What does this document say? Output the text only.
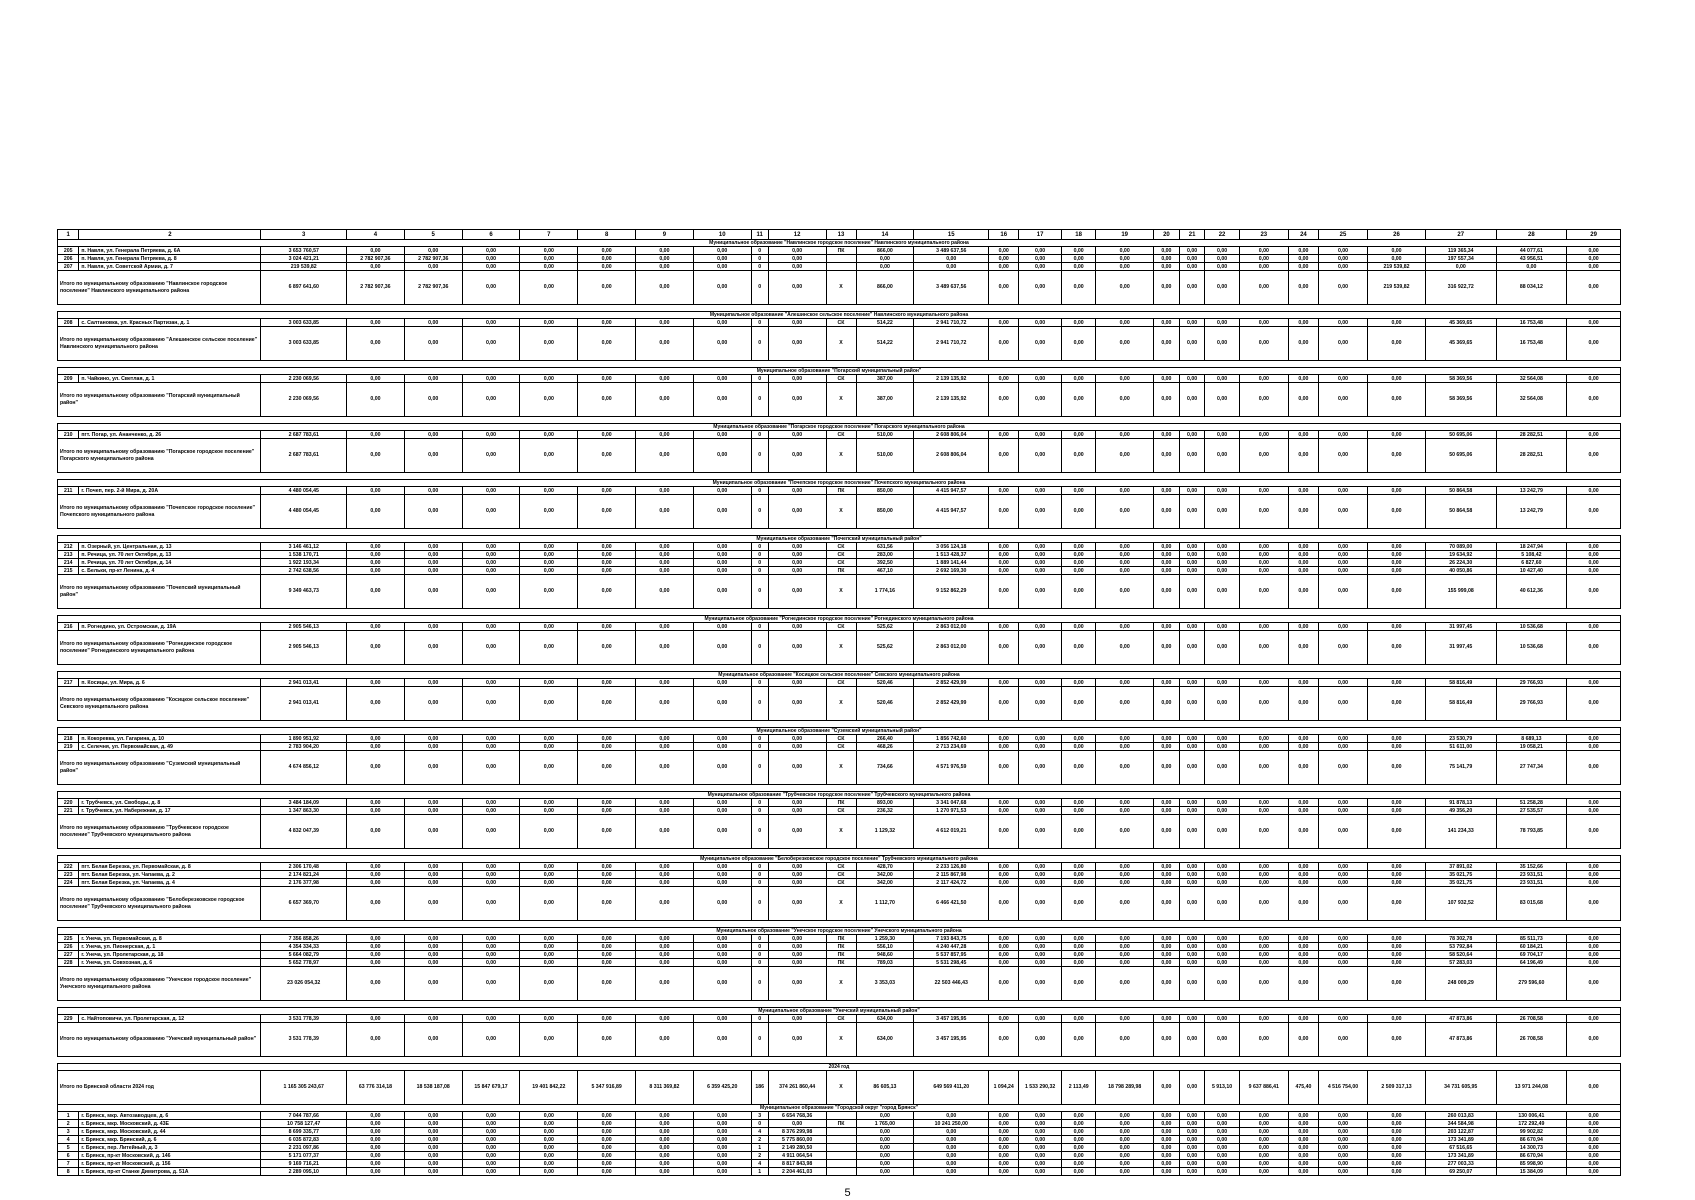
1	2	3	4	5	6	7	8	9	10	11	12	13	14	15	16	17	18	19	20	21	22	23	24	25	26	27	28	29
Муниципальное образование "Навлинское городское поселение" Навлинского муниципального района																												
205	п. Навля, ул. Генерала Петряева, д. 6А	3 653 760,57	0,00	0,00	0,00	0,00	0,00	0,00	0,00	0	0,00	ПК	866,00	3 489 637,56	0,00	0,00	0,00	0,00	0,00	0,00	0,00	0,00	0,00	0,00	0,00	119 365,34	44 077,61	0,00
206	п. Навля, ул. Генерала Петряева, д. 8	3 024 421,21	2 782 907,36	2 782 907,36	0,00	0,00	0,00	0,00	0,00	0	0,00		0,00	0,00	0,00	0,00	0,00	0,00	0,00	0,00	0,00	0,00	0,00	0,00	0,00	197 557,34	43 956,51	0,00
207	п. Навля, ул. Советской Армии, д. 7	219 539,82	0,00	0,00	0,00	0,00	0,00	0,00	0,00	0	0,00		0,00	0,00	0,00	0,00	0,00	0,00	0,00	0,00	0,00	0,00	0,00	0,00	219 539,82	0,00	0,00	0,00
Итого по муниципальному образованию "Навлинское городское поселение" Навлинского муниципального района		6 897 641,60	2 782 907,36	2 782 907,36	0,00	0,00	0,00	0,00	0,00	0	0,00	Х	866,00	3 489 637,56	0,00	0,00	0,00	0,00	0,00	0,00	0,00	0,00	0,00	0,00	219 539,82	316 922,72	88 034,12	0,00

Муниципальное образование "Алешинское сельское поселение" Навлинского муниципального района																												
208	с. Салтановка, ул. Красных Партизан, д. 1	3 003 633,85	0,00	0,00	0,00	0,00	0,00	0,00	0,00	0	0,00	СК	514,22	2 941 710,72	0,00	0,00	0,00	0,00	0,00	0,00	0,00	0,00	0,00	0,00	0,00	45 369,65	16 753,48	0,00
Итого по муниципальному образованию "Алешинское сельское поселение" Навлинского муниципального района		3 003 633,85	0,00	0,00	0,00	0,00	0,00	0,00	0,00	0	0,00	Х	514,22	2 941 710,72	0,00	0,00	0,00	0,00	0,00	0,00	0,00	0,00	0,00	0,00	0,00	45 369,65	16 753,48	0,00

Муниципальное образование "Погарский муниципальный район"																												
209	п. Чайкино, ул. Светлая, д. 1	2 230 069,56	0,00	0,00	0,00	0,00	0,00	0,00	0,00	0	0,00	СК	387,00	2 139 135,92	0,00	0,00	0,00	0,00	0,00	0,00	0,00	0,00	0,00	0,00	0,00	58 369,56	32 564,08	0,00
Итого по муниципальному образованию "Погарский муниципальный район"		2 230 069,56	0,00	0,00	0,00	0,00	0,00	0,00	0,00	0	0,00	Х	387,00	2 139 135,92	0,00	0,00	0,00	0,00	0,00	0,00	0,00	0,00	0,00	0,00	0,00	58 369,56	32 564,08	0,00

Муниципальное образование "Погарское городское поселение" Погарского муниципального района																												
210	пгт. Погар, ул. Ананченко, д. 26	2 687 783,61	0,00	0,00	0,00	0,00	0,00	0,00	0,00	0	0,00	СК	510,00	2 608 806,04	0,00	0,00	0,00	0,00	0,00	0,00	0,00	0,00	0,00	0,00	0,00	50 695,06	28 282,51	0,00
Итого по муниципальному образованию "Погарское городское поселение" Погарского муниципального района		2 687 783,61	0,00	0,00	0,00	0,00	0,00	0,00	0,00	0	0,00	Х	510,00	2 608 806,04	0,00	0,00	0,00	0,00	0,00	0,00	0,00	0,00	0,00	0,00	0,00	50 695,06	28 282,51	0,00

Муниципальное образование "Почепское городское поселение" Почепского муниципального района																												
211	г. Почеп, пер. 2-й Мира, д. 20А	4 480 054,45	0,00	0,00	0,00	0,00	0,00	0,00	0,00	0	0,00	ПК	850,00	4 415 947,57	0,00	0,00	0,00	0,00	0,00	0,00	0,00	0,00	0,00	0,00	0,00	50 864,58	13 242,79	0,00
Итого по муниципальному образованию "Почепское городское поселение" Почепского муниципального района		4 480 054,45	0,00	0,00	0,00	0,00	0,00	0,00	0,00	0	0,00	Х	850,00	4 415 947,57	0,00	0,00	0,00	0,00	0,00	0,00	0,00	0,00	0,00	0,00	0,00	50 864,58	13 242,79	0,00

Муниципальное образование "Почепский муниципальный район"																												
212	п. Озерный, ул. Центральная, д. 13	3 146 461,12	0,00	0,00	0,00	0,00	0,00	0,00	0,00	0	0,00	СК	631,56	3 056 124,18	0,00	0,00	0,00	0,00	0,00	0,00	0,00	0,00	0,00	0,00	0,00	70 089,00	18 247,94	0,00
213	п. Речица, ул. 70 лет Октября, д. 13	1 538 170,71	0,00	0,00	0,00	0,00	0,00	0,00	0,00	0	0,00	СК	283,00	1 513 428,37	0,00	0,00	0,00	0,00	0,00	0,00	0,00	0,00	0,00	0,00	0,00	19 634,92	5 108,42	0,00
214	п. Речица, ул. 70 лет Октября, д. 14	1 922 193,34	0,00	0,00	0,00	0,00	0,00	0,00	0,00	0	0,00	СК	392,50	1 889 141,44	0,00	0,00	0,00	0,00	0,00	0,00	0,00	0,00	0,00	0,00	0,00	26 224,30	6 827,60	0,00
215	с. Бельки, пр-кт Ленина, д. 4	2 742 638,56	0,00	0,00	0,00	0,00	0,00	0,00	0,00	0	0,00	ПК	467,10	2 692 169,30	0,00	0,00	0,00	0,00	0,00	0,00	0,00	0,00	0,00	0,00	0,00	40 050,86	10 427,40	0,00
Итого по муниципальному образованию "Почепский муниципальный район"		9 349 463,73	0,00	0,00	0,00	0,00	0,00	0,00	0,00	0	0,00	Х	1 774,16	9 152 862,29	0,00	0,00	0,00	0,00	0,00	0,00	0,00	0,00	0,00	0,00	0,00	155 999,08	40 612,36	0,00

Муниципальное образование "Рогнединское городское поселение" Рогнединского муниципального района																												
216	п. Рогнедино, ул. Остромская, д. 19А	2 905 546,13	0,00	0,00	0,00	0,00	0,00	0,00	0,00	0	0,00	СК	525,62	2 863 012,00	0,00	0,00	0,00	0,00	0,00	0,00	0,00	0,00	0,00	0,00	0,00	31 997,45	10 536,68	0,00
Итого по муниципальному образованию "Рогнединское городское поселение" Рогнединского муниципального района		2 905 546,13	0,00	0,00	0,00	0,00	0,00	0,00	0,00	0	0,00	Х	525,62	2 863 012,00	0,00	0,00	0,00	0,00	0,00	0,00	0,00	0,00	0,00	0,00	0,00	31 997,45	10 536,68	0,00

Муниципальное образование "Косицкое сельское поселение" Севского муниципального района																												
217	п. Косицы, ул. Мира, д. 6	2 941 013,41	0,00	0,00	0,00	0,00	0,00	0,00	0,00	0	0,00	СК	520,46	2 852 429,99	0,00	0,00	0,00	0,00	0,00	0,00	0,00	0,00	0,00	0,00	0,00	58 816,49	29 766,93	0,00
Итого по муниципальному образованию "Косицкое сельское поселение" Севского муниципального района		2 941 013,41	0,00	0,00	0,00	0,00	0,00	0,00	0,00	0	0,00	Х	520,46	2 852 429,99	0,00	0,00	0,00	0,00	0,00	0,00	0,00	0,00	0,00	0,00	0,00	58 816,49	29 766,93	0,00

Муниципальное образование "Суземский муниципальный район"																												
218	п. Кокоревка, ул. Гагарина, д. 10	1 890 951,92	0,00	0,00	0,00	0,00	0,00	0,00	0,00	0	0,00	СК	266,40	1 856 742,60	0,00	0,00	0,00	0,00	0,00	0,00	0,00	0,00	0,00	0,00	0,00	23 530,79	8 689,13	0,00
219	с. Селечня, ул. Первомайская, д. 49	2 783 904,20	0,00	0,00	0,00	0,00	0,00	0,00	0,00	0	0,00	СК	468,26	2 713 234,69	0,00	0,00	0,00	0,00	0,00	0,00	0,00	0,00	0,00	0,00	0,00	51 611,00	19 058,21	0,00
Итого по муниципальному образованию "Суземский муниципальный район"		4 674 856,12	0,00	0,00	0,00	0,00	0,00	0,00	0,00	0	0,00	Х	734,66	4 571 976,59	0,00	0,00	0,00	0,00	0,00	0,00	0,00	0,00	0,00	0,00	0,00	75 141,79	27 747,34	0,00

Муниципальное образование "Трубчевское городское поселение" Трубчевского муниципального района																												
220	г. Трубчевск, ул. Свободы, д. 8	3 484 184,09	0,00	0,00	0,00	0,00	0,00	0,00	0,00	0	0,00	ПК	893,00	3 341 047,68	0,00	0,00	0,00	0,00	0,00	0,00	0,00	0,00	0,00	0,00	0,00	91 878,13	51 258,28	0,00
221	г. Трубчевск, ул. Набережная, д. 17	1 347 863,30	0,00	0,00	0,00	0,00	0,00	0,00	0,00	0	0,00	СК	236,32	1 270 971,53	0,00	0,00	0,00	0,00	0,00	0,00	0,00	0,00	0,00	0,00	0,00	49 356,20	27 535,57	0,00
Итого по муниципальному образованию "Трубчевское городское поселение" Трубчевского муниципального района		4 832 047,39	0,00	0,00	0,00	0,00	0,00	0,00	0,00	0	0,00	Х	1 129,32	4 612 019,21	0,00	0,00	0,00	0,00	0,00	0,00	0,00	0,00	0,00	0,00	0,00	141 234,33	78 793,85	0,00

Муниципальное образование "Белоберезковское городское поселение" Трубчевского муниципального района																												
222	пгт. Белая Березка, ул. Первомайская, д. 8	2 306 170,48	0,00	0,00	0,00	0,00	0,00	0,00	0,00	0	0,00	СК	428,70	2 233 126,80	0,00	0,00	0,00	0,00	0,00	0,00	0,00	0,00	0,00	0,00	0,00	37 891,02	35 152,66	0,00
223	пгт. Белая Березка, ул. Чапаева, д. 2	2 174 821,24	0,00	0,00	0,00	0,00	0,00	0,00	0,00	0	0,00	СК	342,00	2 115 867,98	0,00	0,00	0,00	0,00	0,00	0,00	0,00	0,00	0,00	0,00	0,00	35 021,75	23 931,51	0,00
224	пгт. Белая Березка, ул. Чапаева, д. 4	2 176 377,98	0,00	0,00	0,00	0,00	0,00	0,00	0,00	0	0,00	СК	342,00	2 117 424,72	0,00	0,00	0,00	0,00	0,00	0,00	0,00	0,00	0,00	0,00	0,00	35 021,75	23 931,51	0,00
Итого по муниципальному образованию "Белоберезковское городское поселение" Трубчевского муниципального района		6 657 369,70	0,00	0,00	0,00	0,00	0,00	0,00	0,00	0	0,00	Х	1 112,70	6 466 421,50	0,00	0,00	0,00	0,00	0,00	0,00	0,00	0,00	0,00	0,00	0,00	107 932,52	83 015,68	0,00

Муниципальное образование "Унечское городское поселение" Унечского муниципального района																												
225	г. Унеча, ул. Первомайская, д. 8	7 356 858,26	0,00	0,00	0,00	0,00	0,00	0,00	0,00	0	0,00	ПК	1 259,30	7 193 843,75	0,00	0,00	0,00	0,00	0,00	0,00	0,00	0,00	0,00	0,00	0,00	78 302,78	85 511,73	0,00
226	г. Унеча, ул. Пионерская, д. 1	4 354 334,33	0,00	0,00	0,00	0,00	0,00	0,00	0,00	0	0,00	ПК	556,10	4 240 447,28	0,00	0,00	0,00	0,00	0,00	0,00	0,00	0,00	0,00	0,00	0,00	53 792,84	60 184,21	0,00
227	г. Унеча, ул. Пролетарская, д. 18	5 664 082,79	0,00	0,00	0,00	0,00	0,00	0,00	0,00	0	0,00	ПК	948,60	5 537 857,95	0,00	0,00	0,00	0,00	0,00	0,00	0,00	0,00	0,00	0,00	0,00	58 520,64	69 704,17	0,00
228	г. Унеча, ул. Совхозная, д. 6	5 652 778,97	0,00	0,00	0,00	0,00	0,00	0,00	0,00	0	0,00	ПК	789,03	5 531 298,45	0,00	0,00	0,00	0,00	0,00	0,00	0,00	0,00	0,00	0,00	0,00	57 283,03	64 196,49	0,00
Итого по муниципальному образованию "Унечское городское поселение" Унечского муниципального района		23 026 054,32	0,00	0,00	0,00	0,00	0,00	0,00	0,00	0	0,00	Х	3 353,03	22 503 446,43	0,00	0,00	0,00	0,00	0,00	0,00	0,00	0,00	0,00	0,00	0,00	248 009,29	279 596,60	0,00

Муниципальное образование "Унечский муниципальный район"																												
229	с. Найтоповичи, ул. Пролетарская, д. 12	3 531 778,39	0,00	0,00	0,00	0,00	0,00	0,00	0,00	0	0,00	СК	634,00	3 457 195,95	0,00	0,00	0,00	0,00	0,00	0,00	0,00	0,00	0,00	0,00	0,00	47 873,86	26 708,58	0,00
Итого по муниципальному образованию "Унечский муниципальный район"		3 531 778,39	0,00	0,00	0,00	0,00	0,00	0,00	0,00	0	0,00	Х	634,00	3 457 195,95	0,00	0,00	0,00	0,00	0,00	0,00	0,00	0,00	0,00	0,00	0,00	47 873,86	26 708,58	0,00

2024 год																												
Итого по Брянской области 2024 год		1 165 305 243,67	63 776 314,18	18 538 187,08	15 847 679,17	19 401 842,22	5 347 916,89	8 311 369,82	6 359 425,20	186	374 261 860,44	Х	86 605,13	649 569 411,20	1 094,24	1 533 290,32	2 113,49	18 798 289,98	0,00	0,00	5 913,10	9 637 886,41	475,40	4 516 754,00	2 509 317,13	34 731 605,95	13 971 244,08	0,00
Муниципальное образование "Городской округ "город Брянск"																												
1	г. Брянск, мкр. Автозаводцев, д. 6	7 044 787,66	0,00	0,00	0,00	0,00	0,00	0,00	0,00	3	6 654 768,36		0,00	0,00	0,00	0,00	0,00	0,00	0,00	0,00	0,00	0,00	0,00	0,00	0,00	260 013,83	130 006,41	0,00
2	г. Брянск, мкр. Московский, д. 43Е	10 758 127,47	0,00	0,00	0,00	0,00	0,00	0,00	0,00	0	0,00	ПК	1 765,00	10 241 250,00	0,00	0,00	0,00	0,00	0,00	0,00	0,00	0,00	0,00	0,00	0,00	344 584,98	172 292,49	0,00
3	г. Брянск, мкр. Московский, д. 44	8 699 335,77	0,00	0,00	0,00	0,00	0,00	0,00	0,00	4	8 376 299,98		0,00	0,00	0,00	0,00	0,00	0,00	0,00	0,00	0,00	0,00	0,00	0,00	0,00	203 122,87	99 902,82	0,00
4	г. Брянск, мкр. Брянский, д. 6	6 035 872,83	0,00	0,00	0,00	0,00	0,00	0,00	0,00	2	5 775 860,00		0,00	0,00	0,00	0,00	0,00	0,00	0,00	0,00	0,00	0,00	0,00	0,00	0,00	173 341,89	86 670,94	0,00
5	г. Брянск, пер. Литейный, д. 3	2 231 097,86	0,00	0,00	0,00	0,00	0,00	0,00	0,00	1	2 149 280,50		0,00	0,00	0,00	0,00	0,00	0,00	0,00	0,00	0,00	0,00	0,00	0,00	0,00	67 516,65	14 300,73	0,00
6	г. Брянск, пр-кт Московский, д. 146	5 171 077,37	0,00	0,00	0,00	0,00	0,00	0,00	0,00	2	4 911 064,54		0,00	0,00	0,00	0,00	0,00	0,00	0,00	0,00	0,00	0,00	0,00	0,00	0,00	173 341,89	86 670,94	0,00
7	г. Брянск, пр-кт Московский, д. 156	9 169 716,21	0,00	0,00	0,00	0,00	0,00	0,00	0,00	4	8 817 843,98		0,00	0,00	0,00	0,00	0,00	0,00	0,00	0,00	0,00	0,00	0,00	0,00	0,00	277 003,33	85 998,90	0,00
8	г. Брянск, пр-кт Станке Димитрова, д. 51А	2 289 095,10	0,00	0,00	0,00	0,00	0,00	0,00	0,00	1	2 204 461,03		0,00	0,00	0,00	0,00	0,00	0,00	0,00	0,00	0,00	0,00	0,00	0,00	0,00	69 250,07	15 384,09	0,00
5
